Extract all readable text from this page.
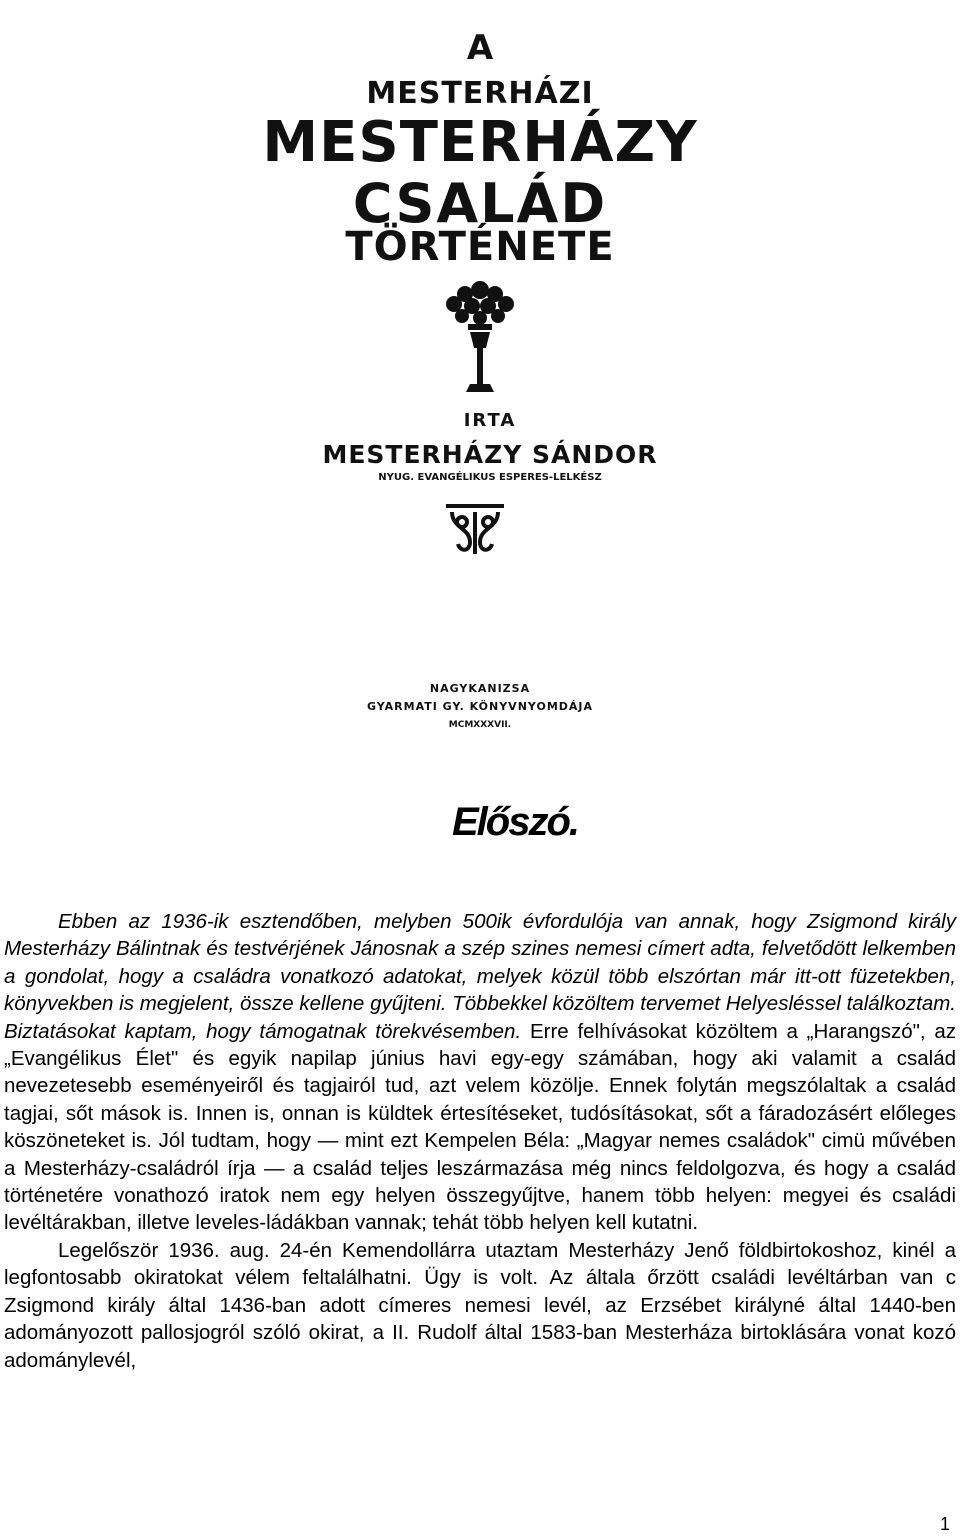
A
MESTERHÁZI
MESTERHÁZY
CSALÁD
TÖRTÉNETE
IRTA
MESTERHÁZY SÁNDOR
NYUG. EVANGÉLIKUS ESPERES-LELKÉSZ
NAGYKANIZSA
GYARMATI GY. KÖNYVNYOMDÁJA
MCMXXXVII.
Előszó.

Ebben az 1936-ik esztendőben, melyben 500ik évfordulója van annak, hogy Zsigmond király Mesterházy Bálintnak és testvérjének Jánosnak a szép szines nemesi címert adta, felvetődött lelkemben a gondolat, hogy a családra vonatkozó adatokat, melyek közül több elszórtan már itt-ott füzetekben, könyvekben is megjelent, össze kellene gyűjteni. Többekkel közöltem tervemet Helyesléssel találkoztam. Biztatásokat kaptam, hogy támogatnak törekvésemben. Erre felhívásokat közöltem a „Harangszó", az „Evangélikus Élet" és egyik napilap június havi egy-egy számában, hogy aki valamit a család nevezetesebb eseményeiről és tagjairól tud, azt velem közölje. Ennek folytán megszólaltak a család tagjai, sőt mások is. Innen is, onnan is küldtek értesítéseket, tudósításokat, sőt a fáradozásért előleges köszöneteket is. Jól tudtam, hogy — mint ezt Kempelen Béla: „Magyar nemes családok" cimü művében a Mesterházy-családról írja — a család teljes leszármazása még nincs feldolgozva, és hogy a család történetére vonathozó iratok nem egy helyen összegyűjtve, hanem több helyen: megyei és családi levéltárakban, illetve leveles-ládákban vannak; tehát több helyen kell kutatni.

Legelőször 1936. aug. 24-én Kemendollárra utaztam Mesterházy Jenő földbirtokoshoz, kinél a legfontosabb okiratokat vélem feltalálhatni. Ügy is volt. Az általa őrzött családi levéltárban van c Zsigmond király által 1436-ban adott címeres nemesi levél, az Erzsébet királyné által 1440-ben adományozott pallosjogról szóló okirat, a II. Rudolf által 1583-ban Mesterháza birtoklására vonat kozó adománylevél,

1
